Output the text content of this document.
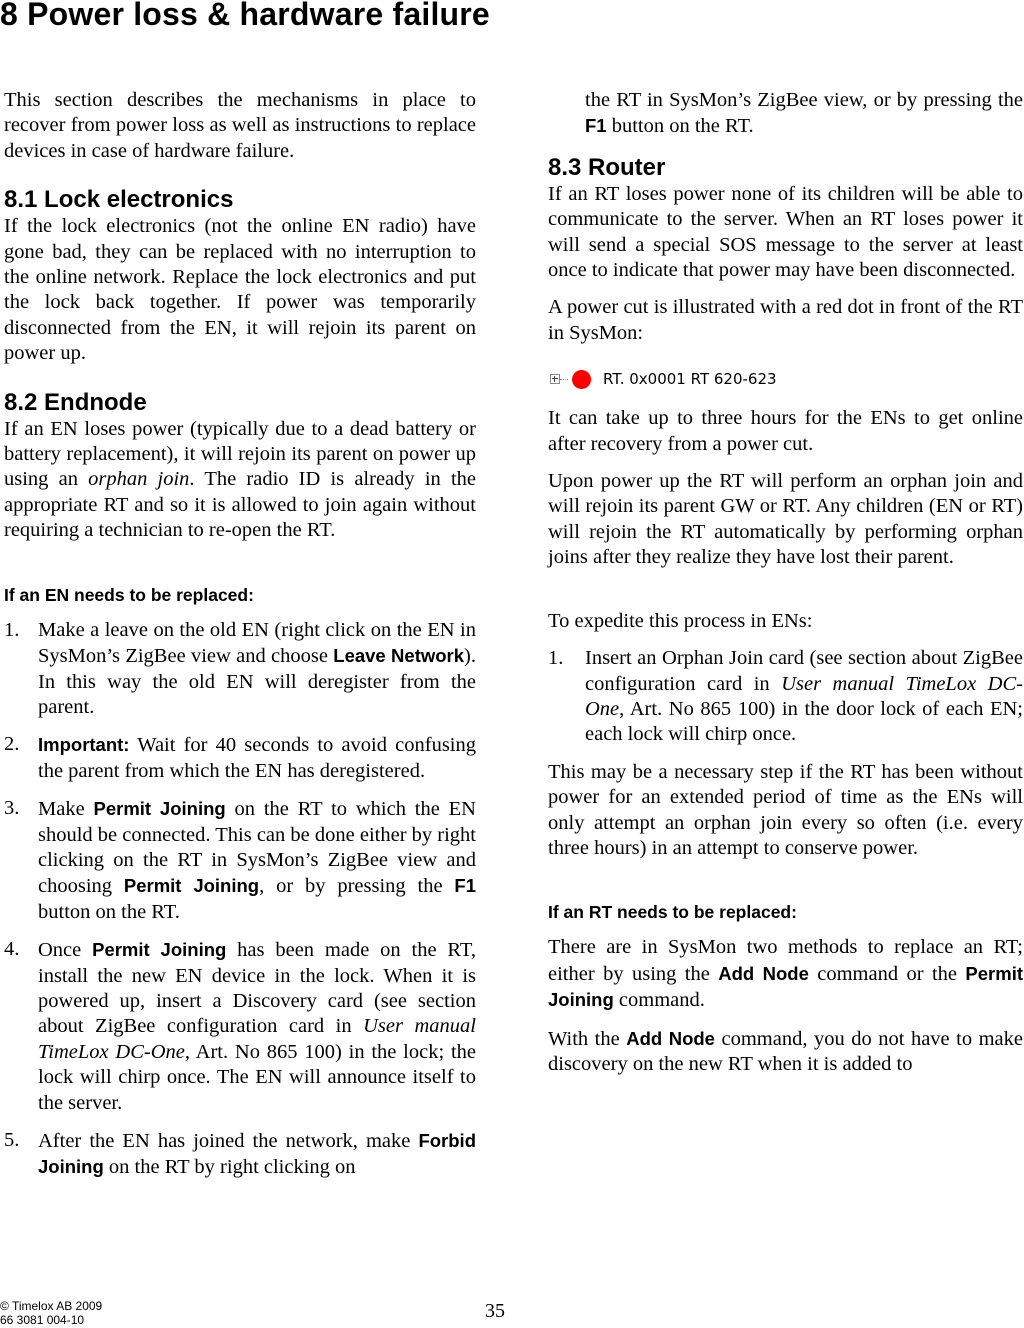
8 Power loss & hardware failure

This section describes the mechanisms in place to recover from power loss as well as instructions to replace devices in case of hardware failure.

8.1 Lock electronics

If the lock electronics (not the online EN radio) have gone bad, they can be replaced with no interruption to the online network. Replace the lock electronics and put the lock back together. If power was temporarily disconnected from the EN, it will rejoin its parent on power up.

8.2 Endnode

If an EN loses power (typically due to a dead battery or battery replacement), it will rejoin its parent on power up using an orphan join. The radio ID is already in the appropriate RT and so it is allowed to join again without requiring a technician to re-open the RT.

If an EN needs to be replaced:
1. Make a leave on the old EN (right click on the EN in SysMon’s ZigBee view and choose Leave Network). In this way the old EN will deregister from the parent.
2. Important: Wait for 40 seconds to avoid confusing the parent from which the EN has deregistered.
3. Make Permit Joining on the RT to which the EN should be connected. This can be done either by right clicking on the RT in SysMon’s ZigBee view and choosing Permit Joining, or by pressing the F1 button on the RT.
4. Once Permit Joining has been made on the RT, install the new EN device in the lock. When it is powered up, insert a Discovery card (see section about ZigBee configuration card in User manual TimeLox DC-One, Art. No 865 100) in the lock; the lock will chirp once. The EN will announce itself to the server.
5. After the EN has joined the network, make Forbid Joining on the RT by right clicking on

the RT in SysMon’s ZigBee view, or by pressing the F1 button on the RT.

8.3 Router

If an RT loses power none of its children will be able to communicate to the server. When an RT loses power it will send a special SOS message to the server at least once to indicate that power may have been disconnected.

A power cut is illustrated with a red dot in front of the RT in SysMon:

RT. 0x0001 RT 620-623

It can take up to three hours for the ENs to get online after recovery from a power cut.

Upon power up the RT will perform an orphan join and will rejoin its parent GW or RT. Any children (EN or RT) will rejoin the RT automatically by performing orphan joins after they realize they have lost their parent.

To expedite this process in ENs:

1. Insert an Orphan Join card (see section about ZigBee configuration card in User manual TimeLox DC-One, Art. No 865 100) in the door lock of each EN; each lock will chirp once.

This may be a necessary step if the RT has been without power for an extended period of time as the ENs will only attempt an orphan join every so often (i.e. every three hours) in an attempt to conserve power.

If an RT needs to be replaced:

There are in SysMon two methods to replace an RT; either by using the Add Node command or the Permit Joining command.

With the Add Node command, you do not have to make discovery on the new RT when it is added to

© Timelox AB 2009
66 3081 004-10	35
